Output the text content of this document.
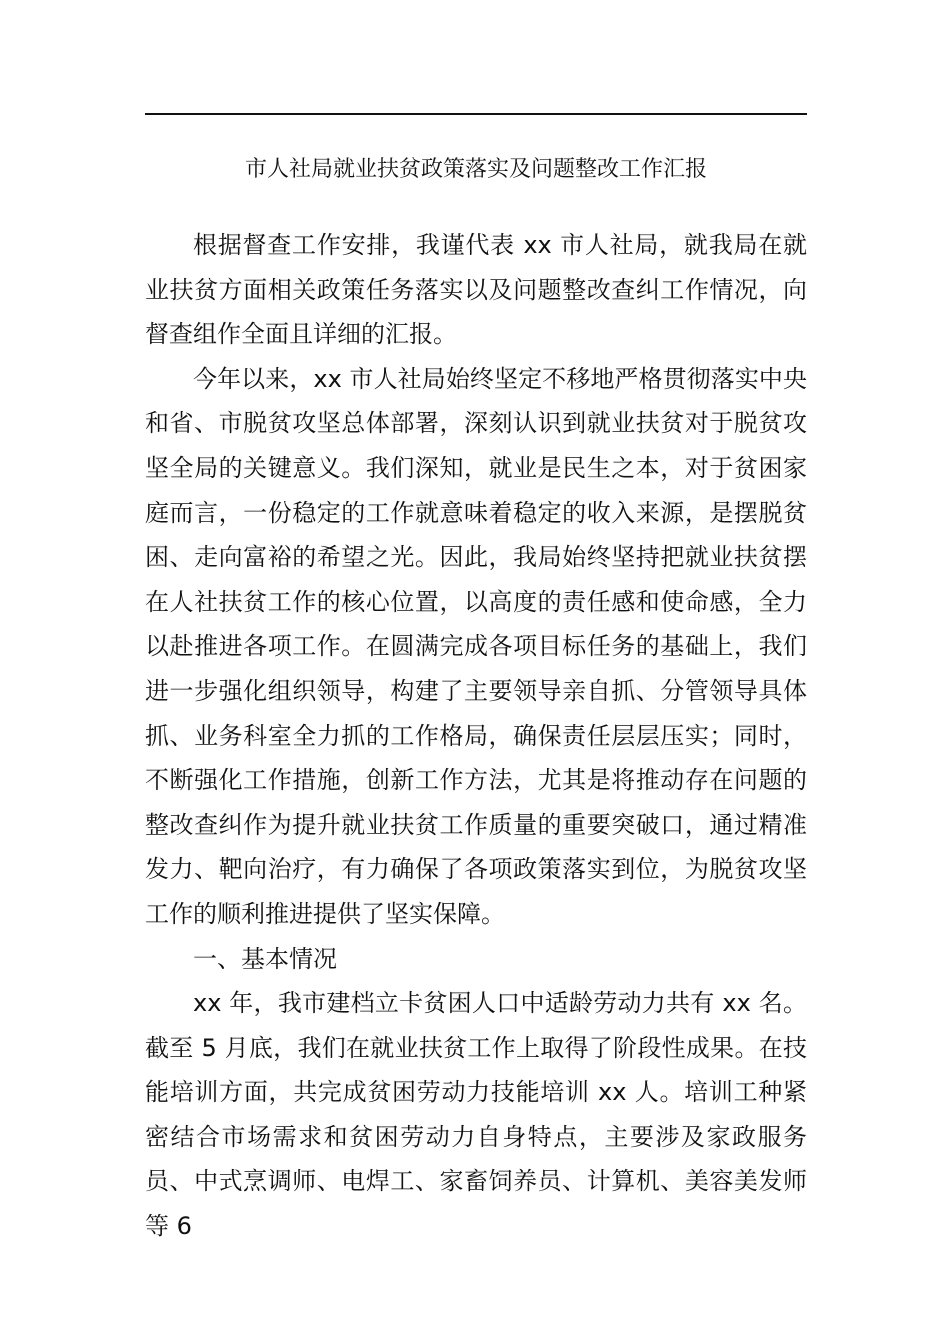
市人社局就业扶贫政策落实及问题整改工作汇报

根据督查工作安排，我谨代表 xx 市人社局，就我局在就业扶贫方面相关政策任务落实以及问题整改查纠工作情况，向督查组作全面且详细的汇报。

今年以来，xx 市人社局始终坚定不移地严格贯彻落实中央和省、市脱贫攻坚总体部署，深刻认识到就业扶贫对于脱贫攻坚全局的关键意义。我们深知，就业是民生之本，对于贫困家庭而言，一份稳定的工作就意味着稳定的收入来源，是摆脱贫困、走向富裕的希望之光。因此，我局始终坚持把就业扶贫摆在人社扶贫工作的核心位置，以高度的责任感和使命感，全力以赴推进各项工作。在圆满完成各项目标任务的基础上，我们进一步强化组织领导，构建了主要领导亲自抓、分管领导具体抓、业务科室全力抓的工作格局，确保责任层层压实；同时，不断强化工作措施，创新工作方法，尤其是将推动存在问题的整改查纠作为提升就业扶贫工作质量的重要突破口，通过精准发力、靶向治疗，有力确保了各项政策落实到位，为脱贫攻坚工作的顺利推进提供了坚实保障。

一、基本情况

xx 年，我市建档立卡贫困人口中适龄劳动力共有 xx 名。截至 5 月底，我们在就业扶贫工作上取得了阶段性成果。在技能培训方面，共完成贫困劳动力技能培训 xx 人。培训工种紧密结合市场需求和贫困劳动力自身特点，主要涉及家政服务员、中式烹调师、电焊工、家畜饲养员、计算机、美容美发师等 6
